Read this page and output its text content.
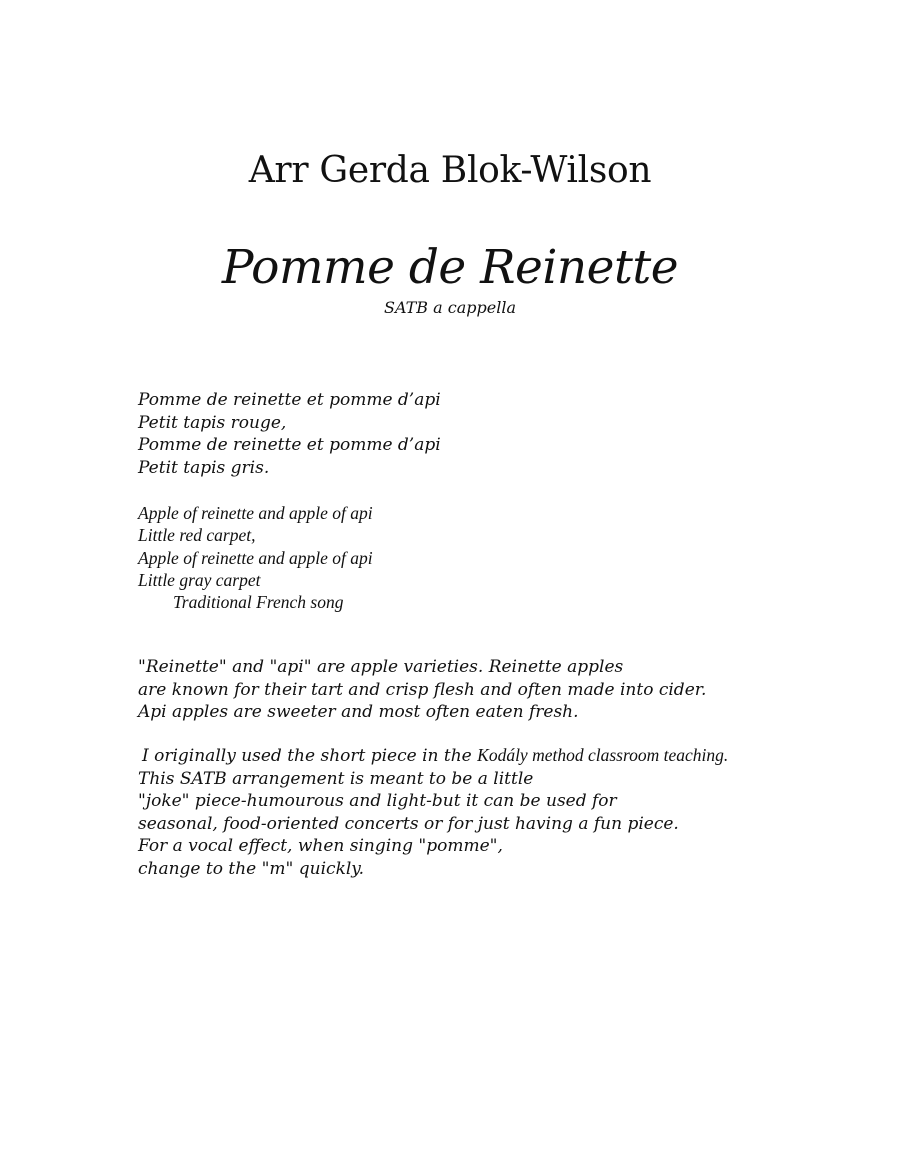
Arr Gerda Blok-Wilson
Pomme de Reinette
SATB a cappella
Pomme de reinette et pomme d’api
Petit tapis rouge,
Pomme de reinette et pomme d’api
Petit tapis gris.
Apple of reinette and apple of api
Little red carpet,
Apple of reinette and apple of api
Little gray carpet
Traditional French song
"Reinette" and "api" are apple varieties. Reinette apples
are known for their tart and crisp flesh and often made into cider.
Api apples are sweeter and most often eaten fresh.
I originally used the short piece in the Kodály method classroom teaching.
This SATB arrangement is meant to be a little
"joke" piece-humourous and light-but it can be used for
seasonal, food-oriented concerts or for just having a fun piece.
For a vocal effect, when singing "pomme",
change to the "m" quickly.
